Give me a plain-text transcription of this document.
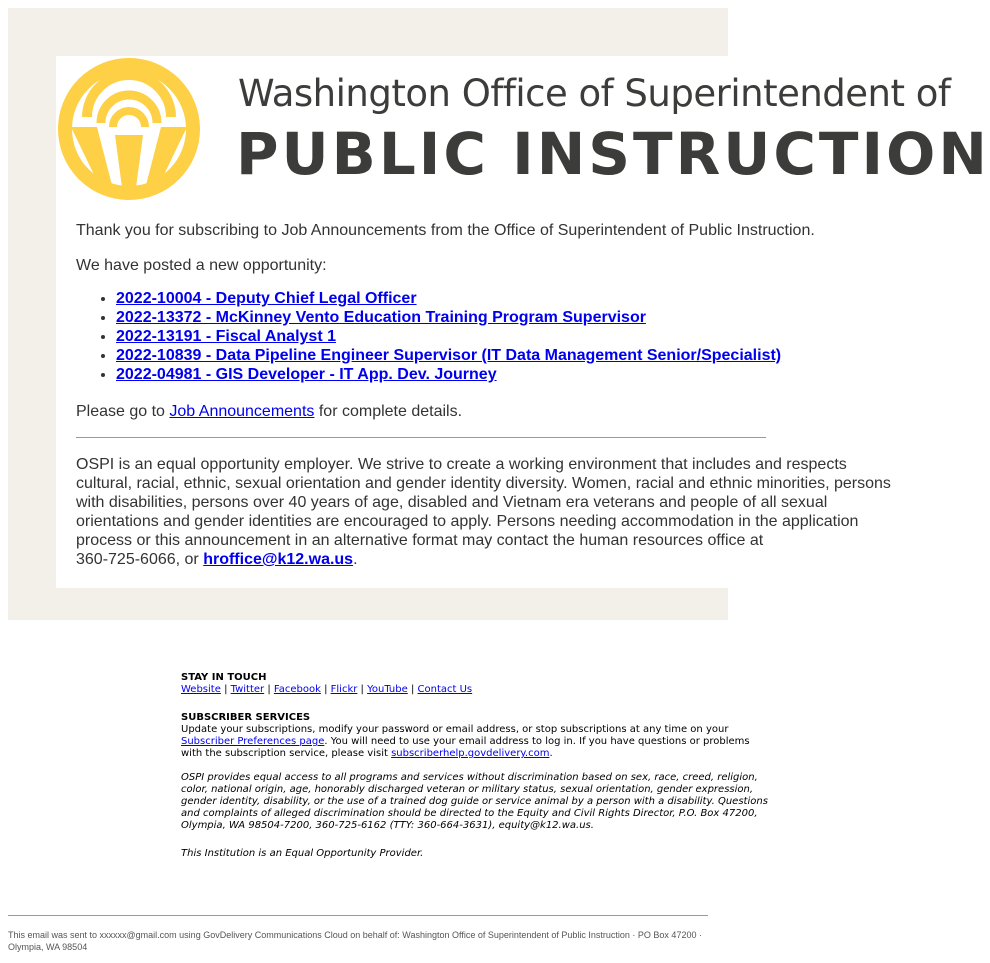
Washington Office of Superintendent of
PUBLIC INSTRUCTION

Thank you for subscribing to Job Announcements from the Office of Superintendent of Public Instruction.

We have posted a new opportunity:

• 2022-10004 - Deputy Chief Legal Officer
• 2022-13372 - McKinney Vento Education Training Program Supervisor
• 2022-13191 - Fiscal Analyst 1
• 2022-10839 - Data Pipeline Engineer Supervisor (IT Data Management Senior/Specialist)
• 2022-04981 - GIS Developer - IT App. Dev. Journey

Please go to Job Announcements for complete details.

OSPI is an equal opportunity employer. We strive to create a working environment that includes and respects

cultural, racial, ethnic, sexual orientation and gender identity diversity. Women, racial and ethnic minorities, persons

with disabilities, persons over 40 years of age, disabled and Vietnam era veterans and people of all sexual

orientations and gender identities are encouraged to apply. Persons needing accommodation in the application

process or this announcement in an alternative format may contact the human resources office at

360-725-6066, or hroffice@k12.wa.us.

STAY IN TOUCH
Website | Twitter | Facebook | Flickr | YouTube | Contact Us
SUBSCRIBER SERVICES
Update your subscriptions, modify your password or email address, or stop subscriptions at any time on your
Subscriber Preferences page. You will need to use your email address to log in. If you have questions or problems
with the subscription service, please visit subscriberhelp.govdelivery.com.
OSPI provides equal access to all programs and services without discrimination based on sex, race, creed, religion,
color, national origin, age, honorably discharged veteran or military status, sexual orientation, gender expression,
gender identity, disability, or the use of a trained dog guide or service animal by a person with a disability. Questions
and complaints of alleged discrimination should be directed to the Equity and Civil Rights Director, P.O. Box 47200,
Olympia, WA 98504-7200, 360-725-6162 (TTY: 360-664-3631), equity@k12.wa.us.
This Institution is an Equal Opportunity Provider.
This email was sent to xxxxxx@gmail.com using GovDelivery Communications Cloud on behalf of: Washington Office of Superintendent of Public Instruction · PO Box 47200 ·
Olympia, WA 98504
